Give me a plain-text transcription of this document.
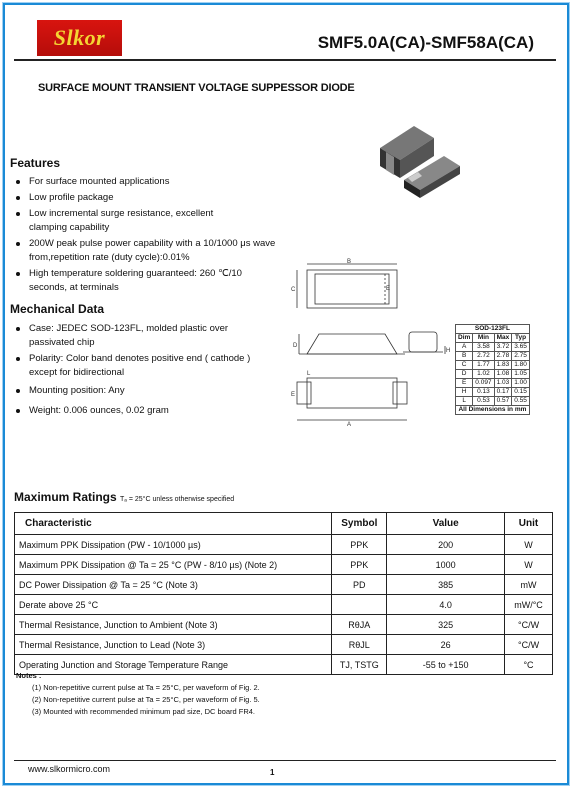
Slkor	SMF5.0A(CA)-SMF58A(CA)
SURFACE MOUNT TRANSIENT VOLTAGE SUPPESSOR DIODE
Features
For surface mounted applications
Low profile package
Low incremental surge resistance, excellent clamping capability
200W peak pulse power capability with a 10/1000 μs wave from,repetition rate (duty cycle):0.01%
High temperature soldering guaranteed: 260 ℃/10 seconds, at terminals
Mechanical Data
Case: JEDEC SOD-123FL, molded plastic over passivated chip
Polarity: Color band denotes positive end ( cathode ) except for bidirectional
Mounting position: Any
Weight: 0.006 ounces, 0.02 gram
B
C	E
D
H
A
L
E
SOD-123FL			
Dim	Min	Max	Typ
A	3.58	3.72	3.65
B	2.72	2.78	2.75
C	1.77	1.83	1.80
D	1.02	1.08	1.05
E	0.097	1.03	1.00
H	0.13	0.17	0.15
L	0.53	0.57	0.55
All Dimensions in mm			
Maximum Ratings Tₐ = 25°C unless otherwise specified
Characteristic	Symbol	Value	Unit
Maximum PPK Dissipation (PW - 10/1000 µs)	PPK	200	W
Maximum PPK Dissipation @ Ta = 25 °C (PW - 8/10 µs) (Note 2)	PPK	1000	W
DC Power Dissipation @ Ta = 25 °C (Note 3)	PD	385	mW
Derate above 25 °C		4.0	mW/°C
Thermal Resistance, Junction to Ambient (Note 3)	RθJA	325	°C/W
Thermal Resistance, Junction to Lead (Note 3)	RθJL	26	°C/W
Operating Junction and Storage Temperature Range	TJ, TSTG	-55 to +150	°C
Notes :
(1) Non-repetitive current pulse at Ta = 25°C, per waveform of Fig. 2.
(2) Non-repetitive current pulse at Ta = 25°C, per waveform of Fig. 5.
(3) Mounted with recommended minimum pad size, DC board FR4.
www.slkormicro.com	1
